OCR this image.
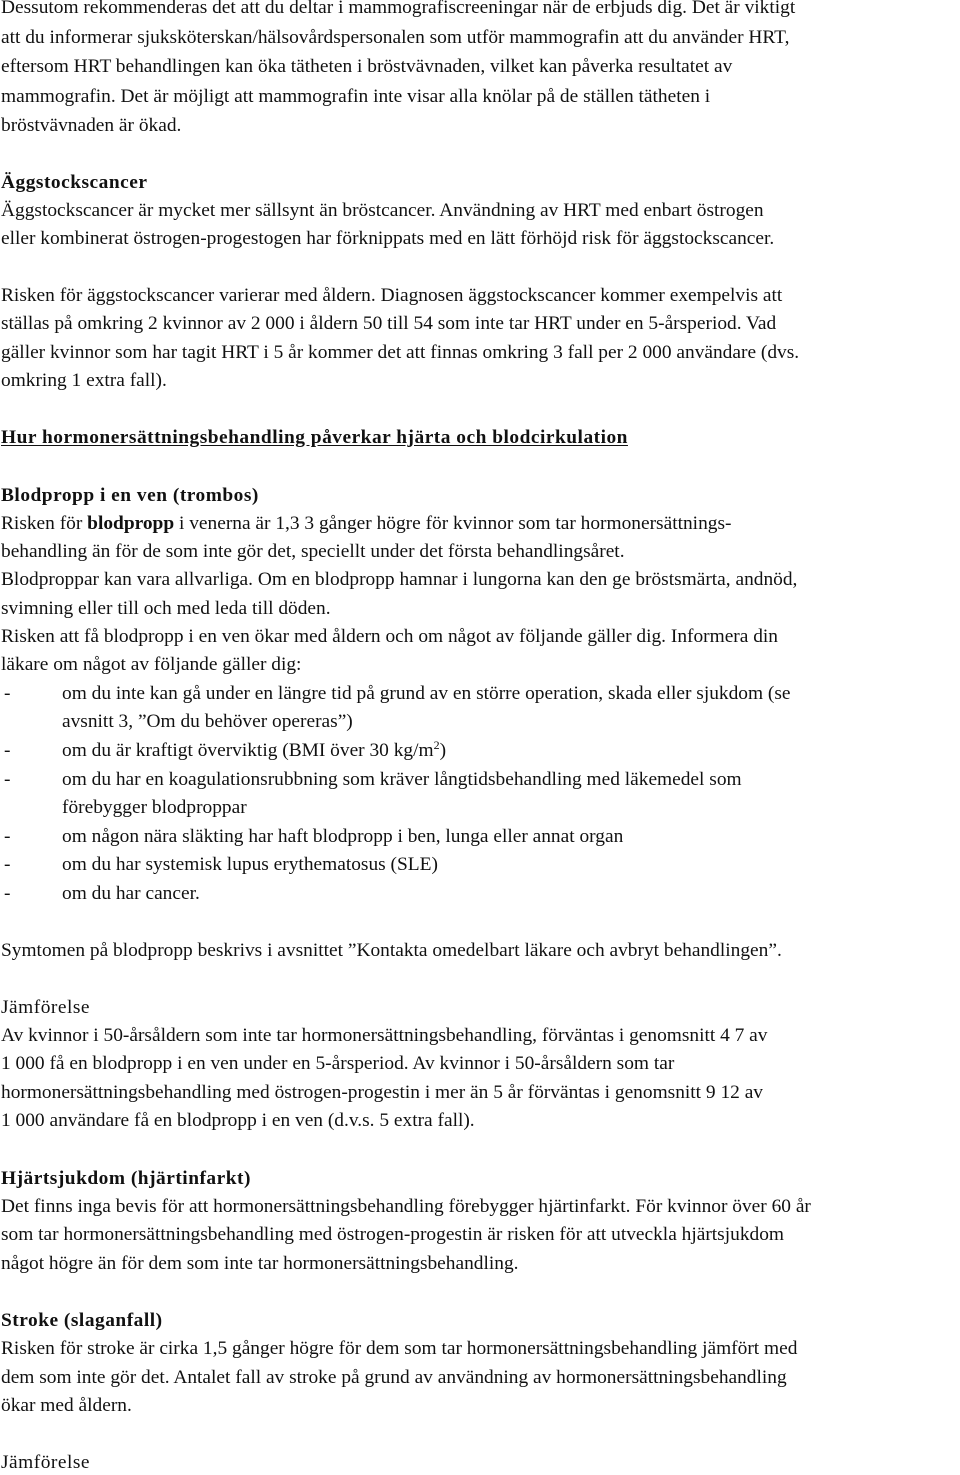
Dessutom rekommenderas det att du deltar i mammografiscreeningar när de erbjuds dig. Det är viktigt
att du informerar sjuksköterskan/hälsovårdspersonalen som utför mammografin att du använder HRT,
eftersom HRT behandlingen kan öka tätheten i bröstvävnaden, vilket kan påverka resultatet av
mammografin. Det är möjligt att mammografin inte visar alla knölar på de ställen tätheten i
bröstvävnaden är ökad.
Äggstockscancer
Äggstockscancer är mycket mer sällsynt än bröstcancer. Användning av HRT med enbart östrogen
eller kombinerat östrogen-progestogen har förknippats med en lätt förhöjd risk för äggstockscancer.
Risken för äggstockscancer varierar med åldern. Diagnosen äggstockscancer kommer exempelvis att
ställas på omkring 2 kvinnor av 2 000 i åldern 50 till 54 som inte tar HRT under en 5-årsperiod. Vad
gäller kvinnor som har tagit HRT i 5 år kommer det att finnas omkring 3 fall per 2 000 användare (dvs.
omkring 1 extra fall).
Hur hormonersättningsbehandling påverkar hjärta och blodcirkulation
Blodpropp i en ven (trombos)
Risken för blodpropp i venerna är 1,3 3 gånger högre för kvinnor som tar hormonersättnings-
behandling än för de som inte gör det, speciellt under det första behandlingsåret.
Blodproppar kan vara allvarliga. Om en blodpropp hamnar i lungorna kan den ge bröstsmärta, andnöd,
svimning eller till och med leda till döden.
Risken att få blodpropp i en ven ökar med åldern och om något av följande gäller dig. Informera din
läkare om något av följande gäller dig:
-	om du inte kan gå under en längre tid på grund av en större operation, skada eller sjukdom (se
avsnitt 3, ”Om du behöver opereras”)
-	om du är kraftigt överviktig (BMI över 30 $kg/m^2$)
-	om du har en koagulationsrubbning som kräver långtidsbehandling med läkemedel som
förebygger blodproppar
-	om någon nära släkting har haft blodpropp i ben, lunga eller annat organ
-	om du har systemisk lupus erythematosus (SLE)
-	om du har cancer.
Symtomen på blodpropp beskrivs i avsnittet ”Kontakta omedelbart läkare och avbryt behandlingen”.
Jämförelse
Av kvinnor i 50-årsåldern som inte tar hormonersättningsbehandling, förväntas i genomsnitt 4 7 av
1 000 få en blodpropp i en ven under en 5-årsperiod. Av kvinnor i 50-årsåldern som tar
hormonersättningsbehandling med östrogen-progestin i mer än 5 år förväntas i genomsnitt 9 12 av
1 000 användare få en blodpropp i en ven (d.v.s. 5 extra fall).
Hjärtsjukdom (hjärtinfarkt)
Det finns inga bevis för att hormonersättningsbehandling förebygger hjärtinfarkt. För kvinnor över 60 år
som tar hormonersättningsbehandling med östrogen-progestin är risken för att utveckla hjärtsjukdom
något högre än för dem som inte tar hormonersättningsbehandling.
Stroke (slaganfall)
Risken för stroke är cirka 1,5 gånger högre för dem som tar hormonersättningsbehandling jämfört med
dem som inte gör det. Antalet fall av stroke på grund av användning av hormonersättningsbehandling
ökar med åldern.
Jämförelse
